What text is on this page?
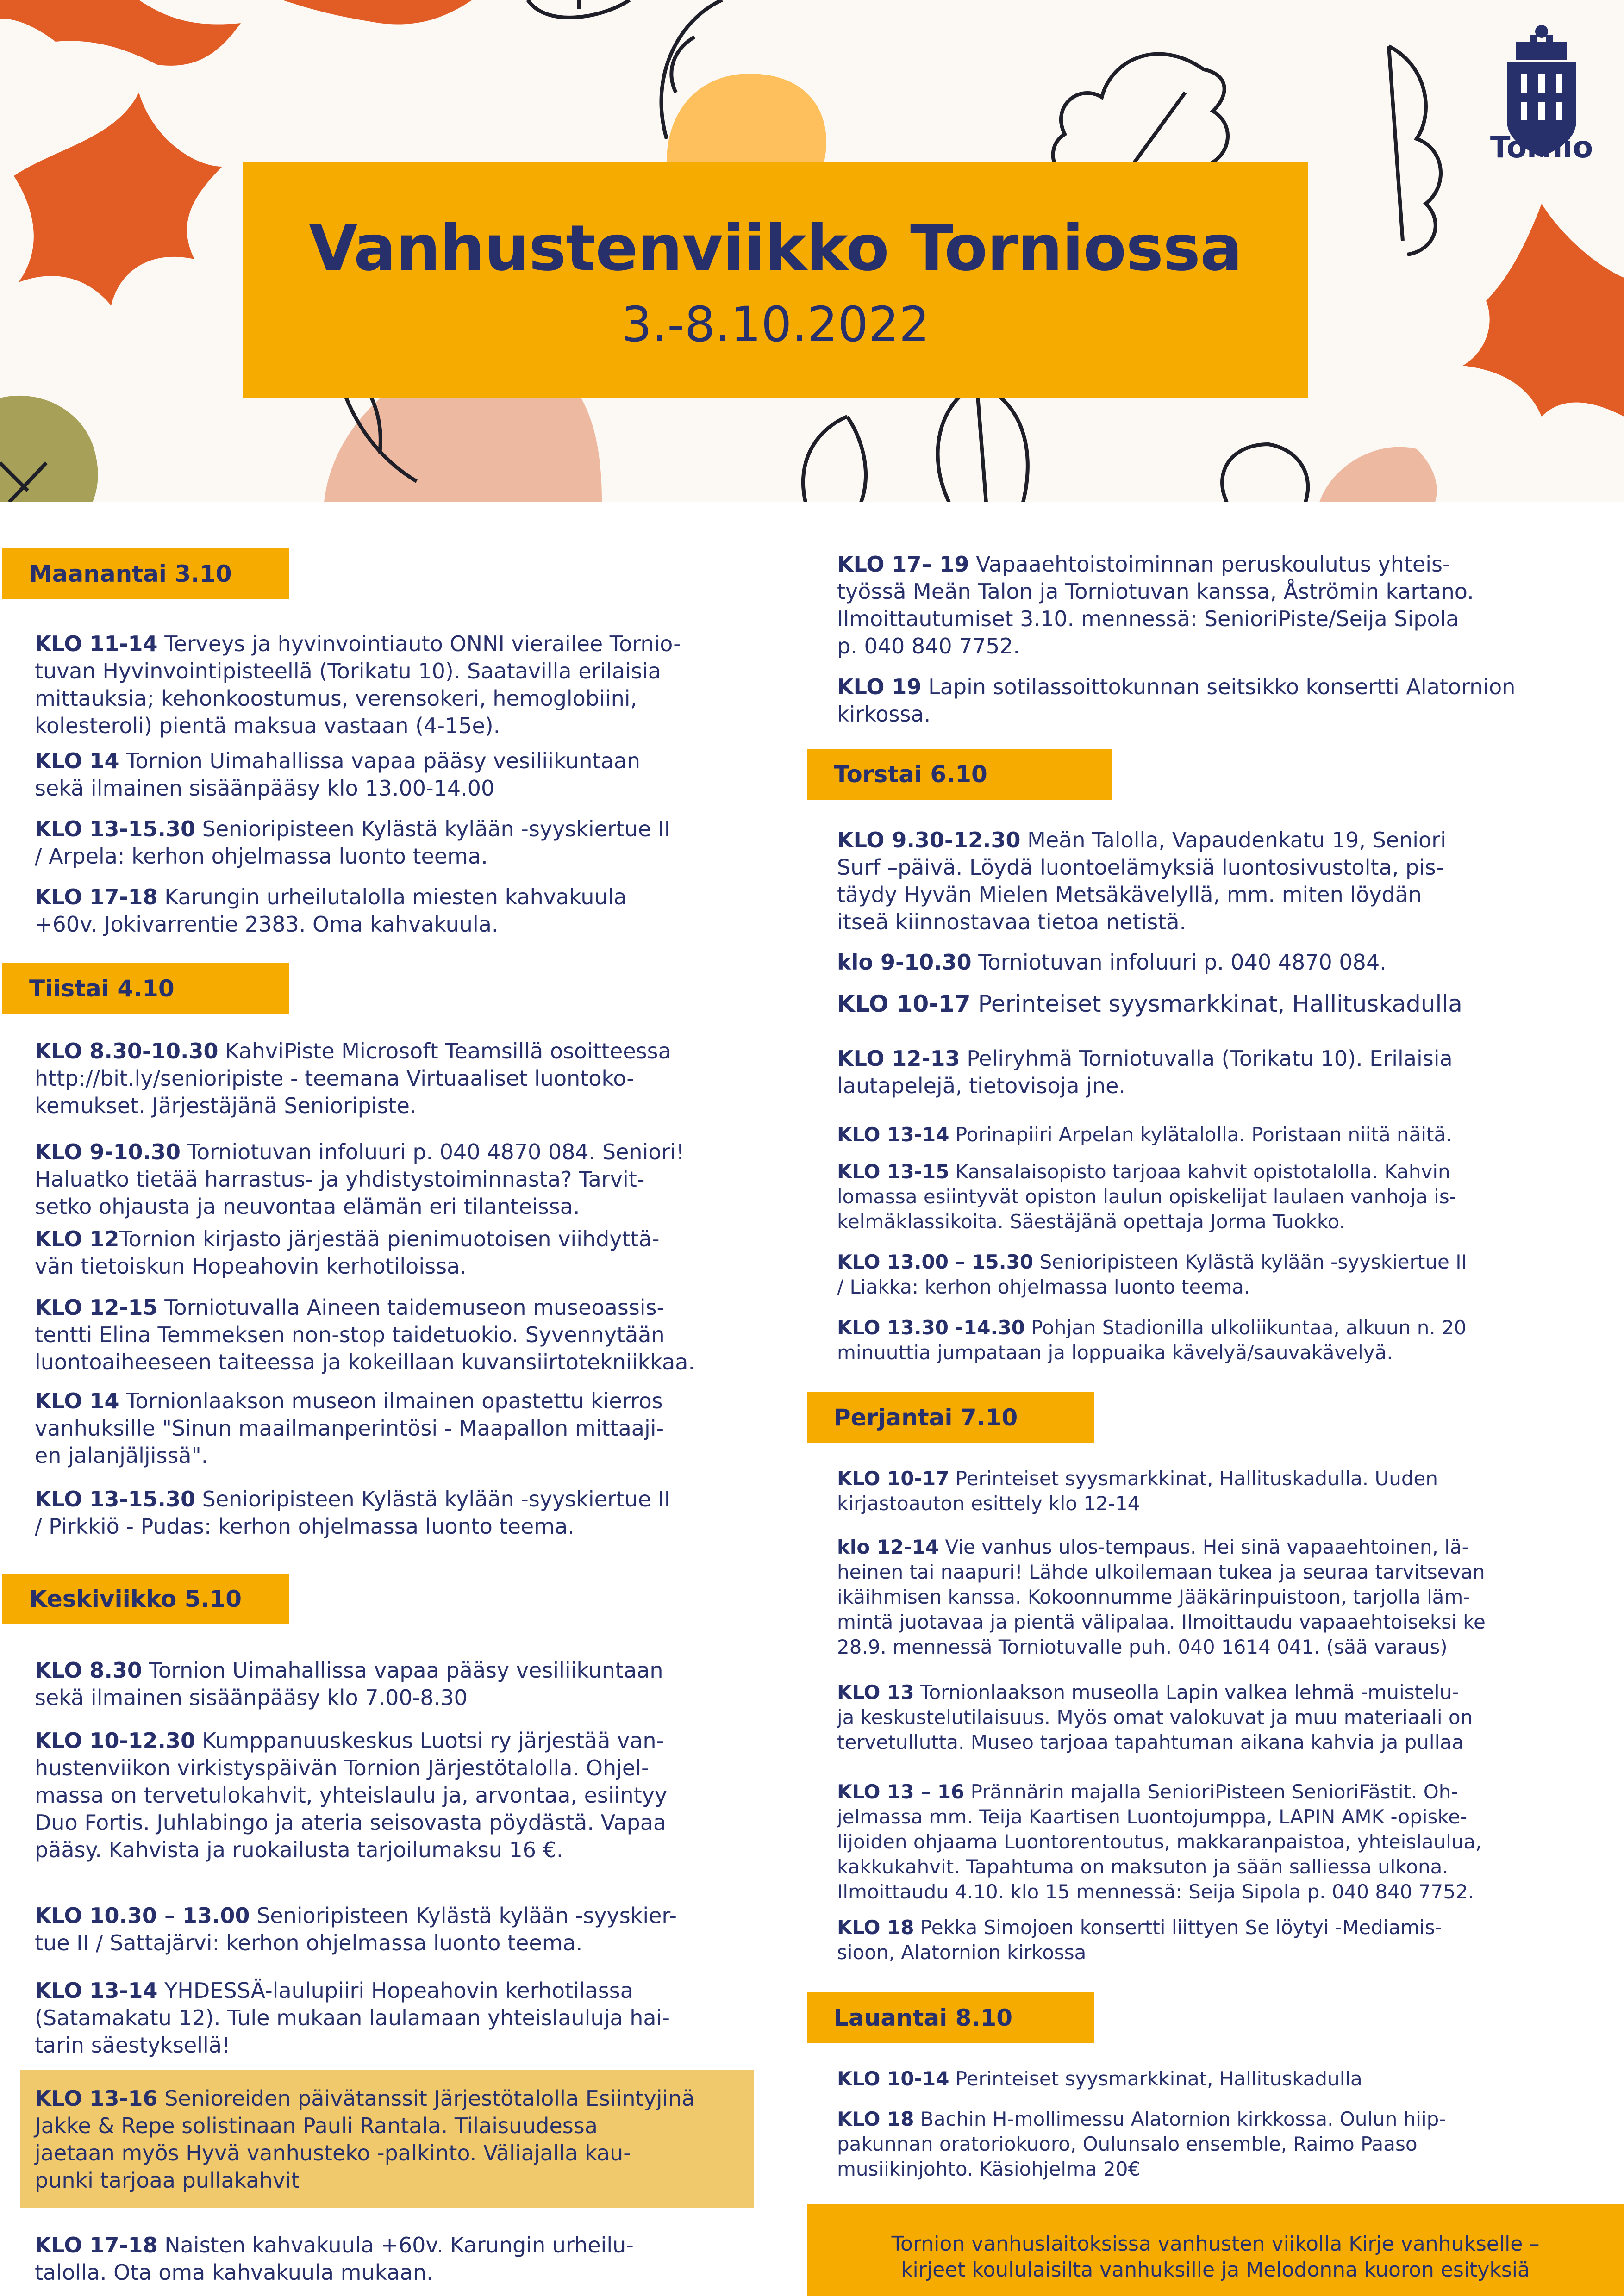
Vanhustenviikko Torniossa
3.-8.10.2022
Tornio
Maanantai 3.10
KLO 11-14 Terveys ja hyvinvointiauto ONNI vierailee Tornio-
tuvan Hyvinvointipisteellä (Torikatu 10). Saatavilla erilaisia
mittauksia; kehonkoostumus, verensokeri, hemoglobiini,
kolesteroli) pientä maksua vastaan (4-15e).
KLO 14 Tornion Uimahallissa vapaa pääsy vesiliikuntaan
sekä ilmainen sisäänpääsy klo 13.00-14.00
KLO 13-15.30 Senioripisteen Kylästä kylään -syyskiertue II
/ Arpela: kerhon ohjelmassa luonto teema.
KLO 17-18 Karungin urheilutalolla miesten kahvakuula
+60v. Jokivarrentie 2383. Oma kahvakuula.
Tiistai 4.10
KLO 8.30-10.30 KahviPiste Microsoft Teamsillä osoitteessa
http://bit.ly/senioripiste - teemana Virtuaaliset luontoko-
kemukset. Järjestäjänä Senioripiste.
KLO 9-10.30 Torniotuvan infoluuri p. 040 4870 084. Seniori!
Haluatko tietää harrastus- ja yhdistystoiminnasta? Tarvit-
setko ohjausta ja neuvontaa elämän eri tilanteissa.
KLO 12Tornion kirjasto järjestää pienimuotoisen viihdyttä-
vän tietoiskun Hopeahovin kerhotiloissa.
KLO 12-15 Torniotuvalla Aineen taidemuseon museoassis-
tentti Elina Temmeksen non-stop taidetuokio. Syvennytään
luontoaiheeseen taiteessa ja kokeillaan kuvansiirtotekniikkaa.
KLO 14 Tornionlaakson museon ilmainen opastettu kierros
vanhuksille "Sinun maailmanperintösi - Maapallon mittaaji-
en jalanjäljissä".
KLO 13-15.30 Senioripisteen Kylästä kylään -syyskiertue II
/ Pirkkiö - Pudas: kerhon ohjelmassa luonto teema.
Keskiviikko 5.10
KLO 8.30 Tornion Uimahallissa vapaa pääsy vesiliikuntaan
sekä ilmainen sisäänpääsy klo 7.00-8.30
KLO 10-12.30 Kumppanuuskeskus Luotsi ry järjestää van-
hustenviikon virkistyspäivän Tornion Järjestötalolla. Ohjel-
massa on tervetulokahvit, yhteislaulu ja, arvontaa, esiintyy
Duo Fortis. Juhlabingo ja ateria seisovasta pöydästä. Vapaa
pääsy. Kahvista ja ruokailusta tarjoilumaksu 16 €.
KLO 10.30 – 13.00 Senioripisteen Kylästä kylään -syyskier-
tue II / Sattajärvi: kerhon ohjelmassa luonto teema.
KLO 13-14 YHDESSÄ-laulupiiri Hopeahovin kerhotilassa
(Satamakatu 12). Tule mukaan laulamaan yhteislauluja hai-
tarin säestyksellä!
KLO 13-16 Senioreiden päivätanssit Järjestötalolla Esiintyjinä
Jakke & Repe solistinaan Pauli Rantala. Tilaisuudessa
jaetaan myös Hyvä vanhusteko -palkinto. Väliajalla kau-
punki tarjoaa pullakahvit
KLO 17-18 Naisten kahvakuula +60v. Karungin urheilu-
talolla. Ota oma kahvakuula mukaan.
KLO 17– 19 Vapaaehtoistoiminnan peruskoulutus yhteis-
työssä Meän Talon ja Torniotuvan kanssa, Åströmin kartano.
Ilmoittautumiset 3.10. mennessä: SenioriPiste/Seija Sipola
p. 040 840 7752.
KLO 19 Lapin sotilassoittokunnan seitsikko konsertti Alatornion
kirkossa.
Torstai 6.10
KLO 9.30-12.30 Meän Talolla, Vapaudenkatu 19, Seniori
Surf –päivä. Löydä luontoelämyksiä luontosivustolta, pis-
täydy Hyvän Mielen Metsäkävelyllä, mm. miten löydän
itseä kiinnostavaa tietoa netistä.
klo 9-10.30 Torniotuvan infoluuri p. 040 4870 084.
KLO 10-17 Perinteiset syysmarkkinat, Hallituskadulla
KLO 12-13 Peliryhmä Torniotuvalla (Torikatu 10). Erilaisia
lautapelejä, tietovisoja jne.
KLO 13-14 Porinapiiri Arpelan kylätalolla. Poristaan niitä näitä.
KLO 13-15 Kansalaisopisto tarjoaa kahvit opistotalolla. Kahvin
lomassa esiintyvät opiston laulun opiskelijat laulaen vanhoja is-
kelmäklassikoita. Säestäjänä opettaja Jorma Tuokko.
KLO 13.00 – 15.30 Senioripisteen Kylästä kylään -syyskiertue II
/ Liakka: kerhon ohjelmassa luonto teema.
KLO 13.30 -14.30 Pohjan Stadionilla ulkoliikuntaa, alkuun n. 20
minuuttia jumpataan ja loppuaika kävelyä/sauvakävelyä.
Perjantai 7.10
KLO 10-17 Perinteiset syysmarkkinat, Hallituskadulla. Uuden
kirjastoauton esittely klo 12-14
klo 12-14 Vie vanhus ulos-tempaus. Hei sinä vapaaehtoinen, lä-
heinen tai naapuri! Lähde ulkoilemaan tukea ja seuraa tarvitsevan
ikäihmisen kanssa. Kokoonnumme Jääkärinpuistoon, tarjolla läm-
mintä juotavaa ja pientä välipalaa. Ilmoittaudu vapaaehtoiseksi ke
28.9. mennessä Torniotuvalle puh. 040 1614 041. (sää varaus)
KLO 13 Tornionlaakson museolla Lapin valkea lehmä -muistelu-
ja keskustelutilaisuus. Myös omat valokuvat ja muu materiaali on
tervetullutta. Museo tarjoaa tapahtuman aikana kahvia ja pullaa
KLO 13 – 16 Prännärin majalla SenioriPisteen SenioriFästit. Oh-
jelmassa mm. Teija Kaartisen Luontojumppa, LAPIN AMK -opiske-
lijoiden ohjaama Luontorentoutus, makkaranpaistoa, yhteislaulua,
kakkukahvit. Tapahtuma on maksuton ja sään salliessa ulkona.
Ilmoittaudu 4.10. klo 15 mennessä: Seija Sipola p. 040 840 7752.
KLO 18 Pekka Simojoen konsertti liittyen Se löytyi -Mediamis-
sioon, Alatornion kirkossa
Lauantai 8.10
KLO 10-14 Perinteiset syysmarkkinat, Hallituskadulla
KLO 18 Bachin H-mollimessu Alatornion kirkkossa. Oulun hiip-
pakunnan oratoriokuoro, Oulunsalo ensemble, Raimo Paaso
musiikinjohto. Käsiohjelma 20€
Tornion vanhuslaitoksissa vanhusten viikolla Kirje vanhukselle –
kirjeet koululaisilta vanhuksille ja Melodonna kuoron esityksiä
